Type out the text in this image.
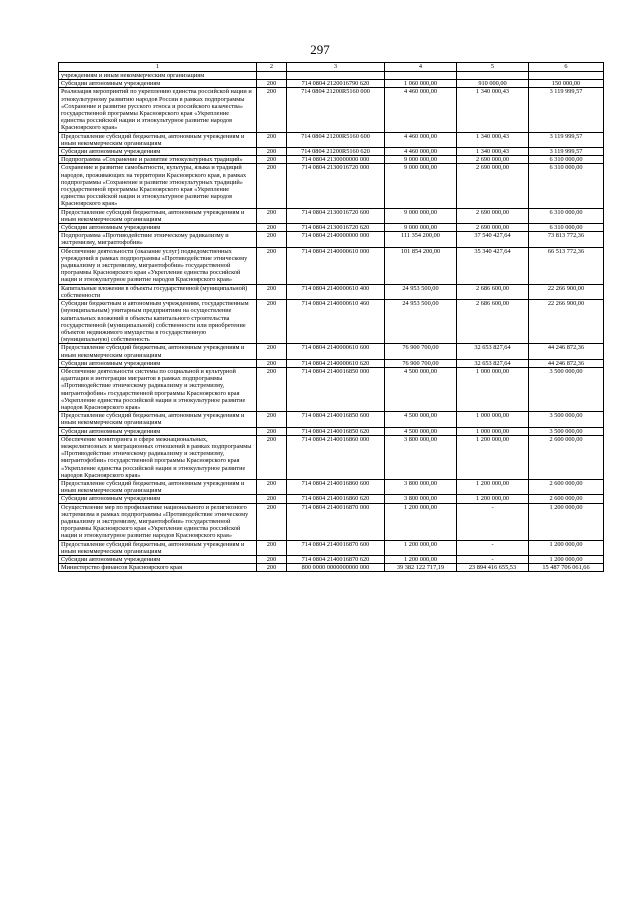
297
1	2	3	4	5	6
учреждениям и иным некоммерческим организациям					
Субсидии автономным учреждениям	200	714 0804 2120016790 620	1 060 000,00	910 000,00	150 000,00
Реализация мероприятий по укреплению единства российской нации и этнокультурному развитию народов России в рамках подпрограммы «Сохранение и развитие русского этноса и российского казачества» государственной программы Красноярского края «Укрепление единства российской нации и этнокультурное развитие народов Красноярского края»	200	714 0804 21200R5160 000	4 460 000,00	1 340 000,43	3 119 999,57
Предоставление субсидий бюджетным, автономным учреждениям и иным некоммерческим организациям	200	714 0804 21200R5160 600	4 460 000,00	1 340 000,43	3 119 999,57
Субсидии автономным учреждениям	200	714 0804 21200R5160 620	4 460 000,00	1 340 000,43	3 119 999,57
Подпрограмма «Сохранение и развитие этнокультурных традиций»	200	714 0804 2130000000 000	9 000 000,00	2 690 000,00	6 310 000,00
Сохранение и развитие самобытности, культуры, языка и традиций народов, проживающих на территории Красноярского края, в рамках подпрограммы «Сохранение и развитие этнокультурных традиций» государственной программы Красноярского края «Укрепление единства российской нации и этнокультурное развитие народов Красноярского края»	200	714 0804 2130016720 000	9 000 000,00	2 690 000,00	6 310 000,00
Предоставление субсидий бюджетным, автономным учреждениям и иным некоммерческим организациям	200	714 0804 2130016720 600	9 000 000,00	2 690 000,00	6 310 000,00
Субсидии автономным учреждениям	200	714 0804 2130016720 620	9 000 000,00	2 690 000,00	6 310 000,00
Подпрограмма «Противодействие этническому радикализму и экстремизму, миграптофобии»	200	714 0804 2140000000 000	111 354 200,00	37 540 427,64	73 813 772,36
Обеспечение деятельности (оказание услуг) подведомственных учреждений в рамках подпрограммы «Противодействие этническому радикализму и экстремизму, мигрантофобии» государственной программы Красноярского края «Укрепление единства российской нации и этнокультурное развитие народов Красноярского края»	200	714 0804 2140000610 000	101 854 200,00	35 340 427,64	66 513 772,36
Капитальные вложения в объекты государственной (муниципальной) собственности	200	714 0804 2140000610 400	24 953 500,00	2 686 600,00	22 266 900,00
Субсидии бюджетным и автономным учреждениям, государственным (муниципальным) унитарным предприятиям на осуществление капитальных вложений в объекты капитального строительства государственной (муниципальной) собственности или приобретение объектов недвижимого имущества в государственную (муниципальную) собственность	200	714 0804 2140000610 460	24 953 500,00	2 686 600,00	22 266 900,00
Предоставление субсидий бюджетным, автономным учреждениям и иным некоммерческим организациям	200	714 0804 2140000610 600	76 900 700,00	32 653 827,64	44 246 872,36
Субсидии автономным учреждениям	200	714 0804 2140000610 620	76 900 700,00	32 653 827,64	44 246 872,36
Обеспечение деятельности системы по социальной и культурной адаптации и интеграции мигрантов в рамках подпрограммы «Противодействие этническому радикализму и экстремизму, мигрантофобии» государственной программы Красноярского края «Укрепление единства российской нации и этнокультурное развитие народов Красноярского края»	200	714 0804 2140016850 000	4 500 000,00	1 000 000,00	3 500 000,00
Предоставление субсидий бюджетным, автономным учреждениям и иным некоммерческим организациям	200	714 0804 2140016850 600	4 500 000,00	1 000 000,00	3 500 000,00
Субсидии автономным учреждениям	200	714 0804 2140016850 620	4 500 000,00	1 000 000,00	3 500 000,00
Обеспечение мониторинга в сфере межнациональных, межрелигиозных и миграционных отношений в рамках подпрограммы «Противодействие этническому радикализму и экстремизму, мигрантофобии» государственной программы Красноярского края «Укрепление единства российской нации и этнокультурное развитие народов Красноярского края»	200	714 0804 2140016860 000	3 800 000,00	1 200 000,00	2 600 000,00
Предоставление субсидий бюджетным, автономным учреждениям и иным некоммерческим организациям	200	714 0804 2140016860 600	3 800 000,00	1 200 000,00	2 600 000,00
Субсидии автономным учреждениям	200	714 0804 2140016860 620	3 800 000,00	1 200 000,00	2 600 000,00
Осуществление мер по профилактике национального и религиозного экстремизма в рамках подпрограммы «Противодействие этническому радикализму и экстремизму, мигрантофобии» государственной программы Красноярского края «Укрепление единства российской нации и этнокультурное развитие народов Красноярского края»	200	714 0804 2140016870 000	1 200 000,00	-	1 200 000,00
Предоставление субсидий бюджетным, автономным учреждениям и иным некоммерческим организациям	200	714 0804 2140016870 600	1 200 000,00	-	1 200 000,00
Субсидии автономным учреждениям	200	714 0804 2140016870 620	1 200 000,00	-	1 200 000,00
Министерство финансов Красноярского края	200	800 0000 0000000000 000	39 382 122 717,19	23 894 416 655,53	15 487 706 061,66
